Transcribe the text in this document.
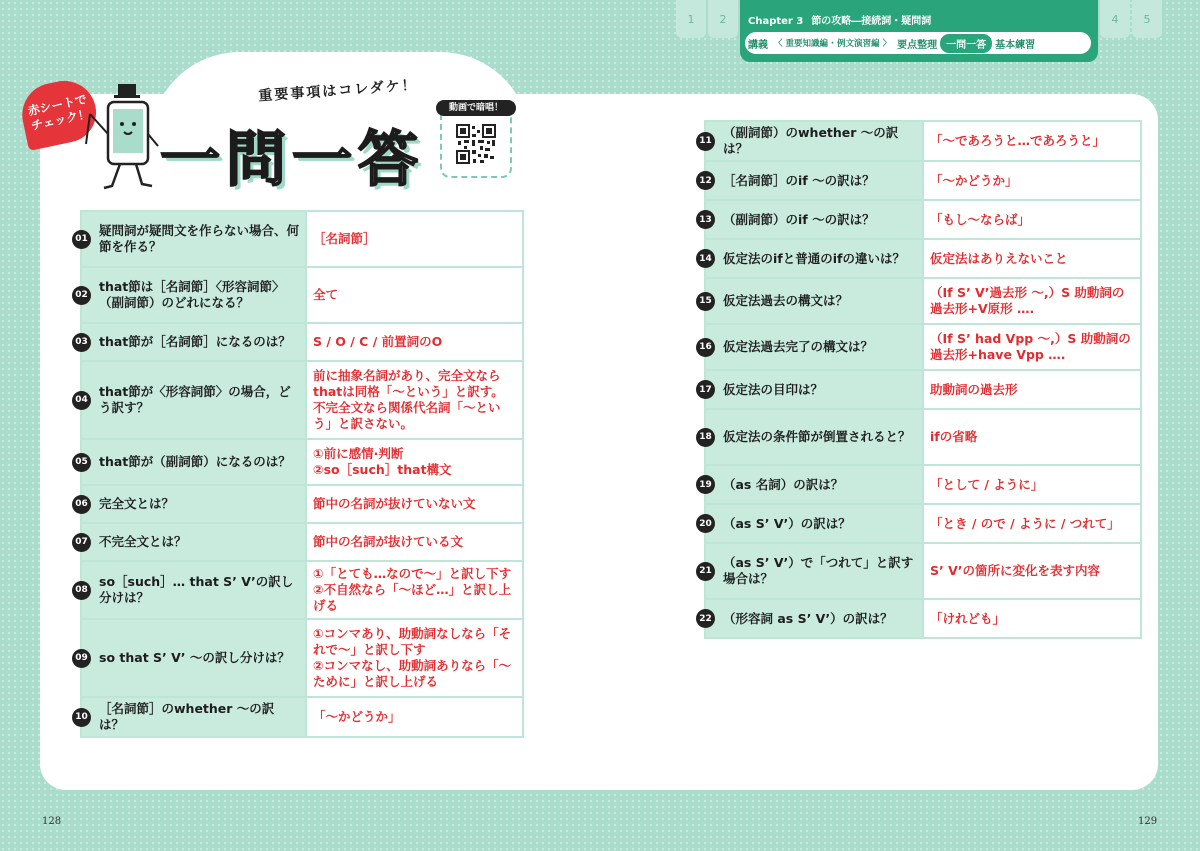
1 2 Chapter 3 節の攻略―接続詞・疑問詞
講義 〈 重要知識編 · 例文演習編 〉 要点整理 一問一答 基本練習
4 5
赤シートでチェック！
重要事項はコレダケ！
一問一答
動画で暗唱！
01
疑問詞が疑問文を作らない場合、何節を作る？	［名詞節］

02
that節は［名詞節］〈形容詞節〉（副詞節）のどれになる？	全て

03 that節が［名詞節］になるのは？	S / O / C / 前置詞のO

04
that節が〈形容詞節〉の場合，どう訳す？	前に抽象名詞があり、完全文ならthatは同格「〜という」と訳す。不完全文なら関係代名詞「〜という」と訳さない。

05 that節が（副詞節）になるのは？	①前に感情·判断
②so［such］that構文

06 完全文とは？	節中の名詞が抜けていない文

07 不完全文とは？	節中の名詞が抜けている文

08
so［such］… that S’ V’の訳し分けは？	①「とても…なので〜」と訳し下す
②不自然なら「〜ほど…」と訳し上げる

09 so that S’ V’ 〜の訳し分けは？	①コンマあり、助動詞なしなら「それで〜」と訳し下す
②コンマなし、助動詞ありなら「〜ために」と訳し上げる

10
［名詞節］のwhether 〜の訳は？	「〜かどうか」
11
（副詞節）のwhether 〜の訳は？	「〜であろうと…であろうと」

12 ［名詞節］のif 〜の訳は？	「〜かどうか」

13 （副詞節）のif 〜の訳は？	「もし〜ならば」

14 仮定法のifと普通のifの違いは？	仮定法はありえないこと

15 仮定法過去の構文は？	（If S’ V’過去形 〜,）S 助動詞の過去形+V原形 ….

16 仮定法過去完了の構文は？	（If S’ had Vpp 〜,）S 助動詞の過去形+have Vpp ….

17 仮定法の目印は？	助動詞の過去形

18 仮定法の条件節が倒置されると？	ifの省略

19 （as 名詞）の訳は？	「として / ように」

20 （as S’ V’）の訳は？	「とき / ので / ように / つれて」

21
（as S’ V’）で「つれて」と訳す場合は？	S’ V’の箇所に変化を表す内容

22 （形容詞 as S’ V’）の訳は？	「けれども」
128	129
